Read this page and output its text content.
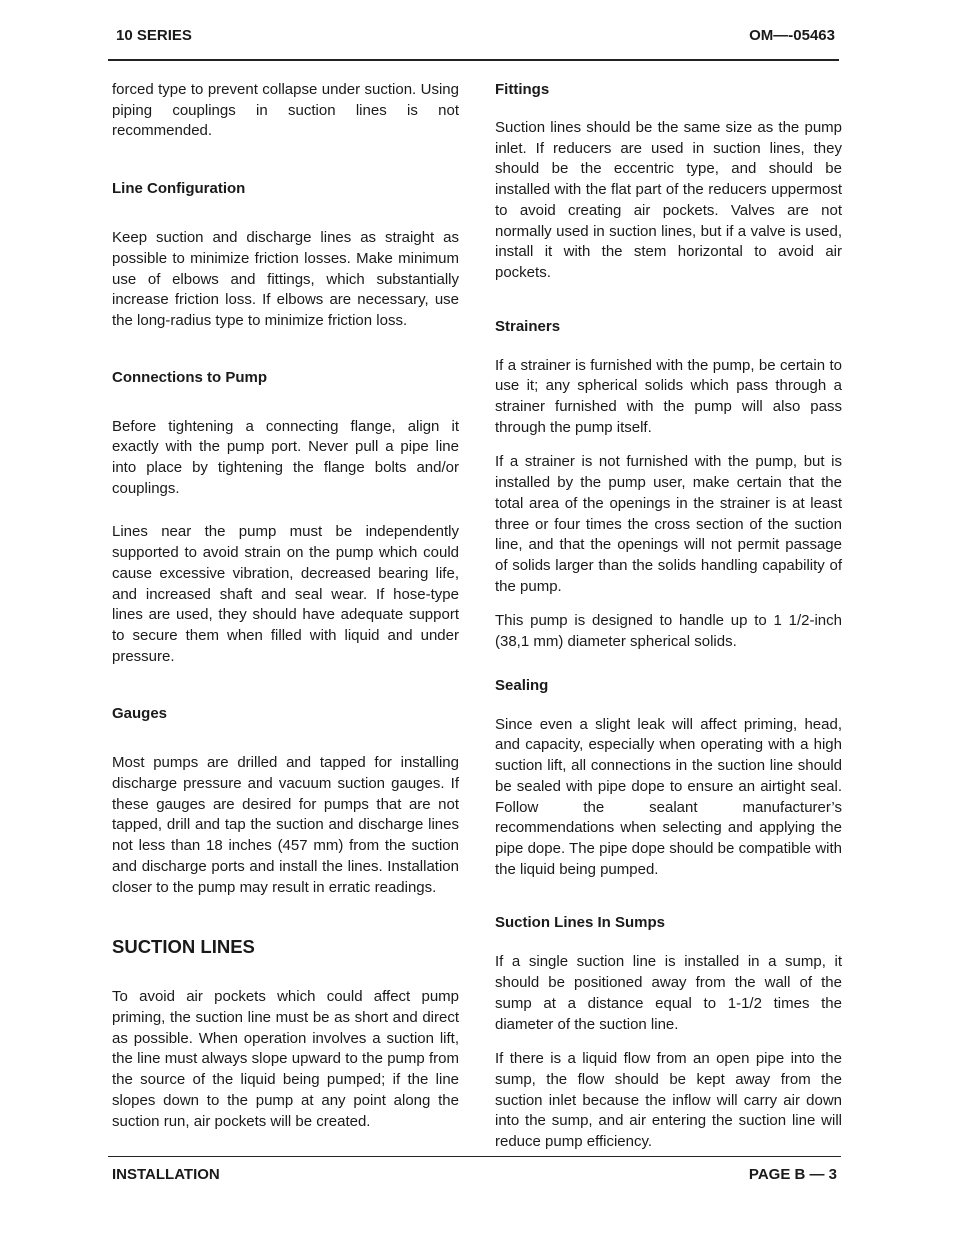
10 SERIES	OM—-05463

forced type to prevent collapse under suction. Using piping couplings in suction lines is not recommended.

Line Configuration

Keep suction and discharge lines as straight as possible to minimize friction losses. Make minimum use of elbows and fittings, which substantially increase friction loss. If elbows are necessary, use the long-radius type to minimize friction loss.

Connections to Pump

Before tightening a connecting flange, align it exactly with the pump port. Never pull a pipe line into place by tightening the flange bolts and/or couplings.

Lines near the pump must be independently supported to avoid strain on the pump which could cause excessive vibration, decreased bearing life, and increased shaft and seal wear. If hose-type lines are used, they should have adequate support to secure them when filled with liquid and under pressure.

Gauges

Most pumps are drilled and tapped for installing discharge pressure and vacuum suction gauges. If these gauges are desired for pumps that are not tapped, drill and tap the suction and discharge lines not less than 18 inches (457 mm) from the suction and discharge ports and install the lines. Installation closer to the pump may result in erratic readings.

SUCTION LINES

To avoid air pockets which could affect pump priming, the suction line must be as short and direct as possible. When operation involves a suction lift, the line must always slope upward to the pump from the source of the liquid being pumped; if the line slopes down to the pump at any point along the suction run, air pockets will be created.

Fittings

Suction lines should be the same size as the pump inlet. If reducers are used in suction lines, they should be the eccentric type, and should be installed with the flat part of the reducers uppermost to avoid creating air pockets. Valves are not normally used in suction lines, but if a valve is used, install it with the stem horizontal to avoid air pockets.

Strainers

If a strainer is furnished with the pump, be certain to use it; any spherical solids which pass through a strainer furnished with the pump will also pass through the pump itself.

If a strainer is not furnished with the pump, but is installed by the pump user, make certain that the total area of the openings in the strainer is at least three or four times the cross section of the suction line, and that the openings will not permit passage of solids larger than the solids handling capability of the pump.

This pump is designed to handle up to 1 1/2-inch (38,1 mm) diameter spherical solids.

Sealing

Since even a slight leak will affect priming, head, and capacity, especially when operating with a high suction lift, all connections in the suction line should be sealed with pipe dope to ensure an airtight seal. Follow the sealant manufacturer’s recommendations when selecting and applying the pipe dope. The pipe dope should be compatible with the liquid being pumped.

Suction Lines In Sumps

If a single suction line is installed in a sump, it should be positioned away from the wall of the sump at a distance equal to 1-1/2 times the diameter of the suction line.

If there is a liquid flow from an open pipe into the sump, the flow should be kept away from the suction inlet because the inflow will carry air down into the sump, and air entering the suction line will reduce pump efficiency.

INSTALLATION	PAGE B — 3
